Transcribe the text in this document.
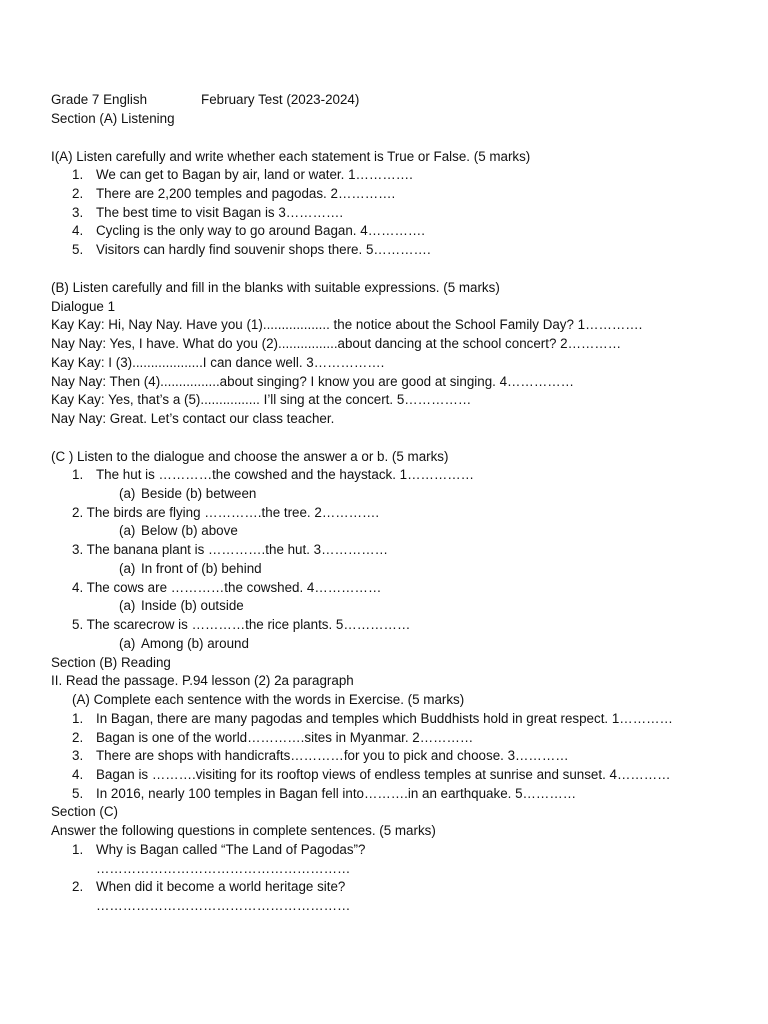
Grade 7 English	February Test (2023-2024)
Section (A) Listening
I(A) Listen carefully and write whether each statement is True or False. (5 marks)
1. We can get to Bagan by air, land or water. 1………….
2. There are 2,200 temples and pagodas. 2………….
3. The best time to visit Bagan is 3………….
4. Cycling is the only way to go around Bagan. 4………….
5. Visitors can hardly find souvenir shops there. 5………….
(B) Listen carefully and fill in the blanks with suitable expressions. (5 marks)
Dialogue 1
Kay Kay: Hi, Nay Nay. Have you (1).................. the notice about the School Family Day? 1………….
Nay Nay: Yes, I have. What do you (2)................about dancing at the school concert? 2…………
Kay Kay: I (3)...................I can dance well. 3…………….
Nay Nay: Then (4)................about singing? I know you are good at singing. 4……………
Kay Kay: Yes, that’s a (5)................ I’ll sing at the concert. 5……………
Nay Nay: Great. Let’s contact our class teacher.
(C ) Listen to the dialogue and choose the answer a or b. (5 marks)
1. The hut is …………the cowshed and the haystack. 1……………
(a) Beside (b) between
2. The birds are flying ………….the tree. 2………….
(a) Below (b) above
3. The banana plant is ………….the hut. 3……………
(a) In front of (b) behind
4. The cows are …………the cowshed. 4……………
(a) Inside (b) outside
5. The scarecrow is …………the rice plants. 5……………
(a) Among (b) around
Section (B) Reading
II. Read the passage. P.94 lesson (2) 2a paragraph
(A) Complete each sentence with the words in Exercise. (5 marks)
1. In Bagan, there are many pagodas and temples which Buddhists hold in great respect. 1…………
2. Bagan is one of the world………….sites in Myanmar. 2…………
3. There are shops with handicrafts…………for you to pick and choose. 3…………
4. Bagan is ……….visiting for its rooftop views of endless temples at sunrise and sunset. 4…………
5. In 2016, nearly 100 temples in Bagan fell into……….in an earthquake. 5…………
Section (C)
Answer the following questions in complete sentences. (5 marks)
1. Why is Bagan called “The Land of Pagodas”?
…………………………………………………
2. When did it become a world heritage site?
…………………………………………………
